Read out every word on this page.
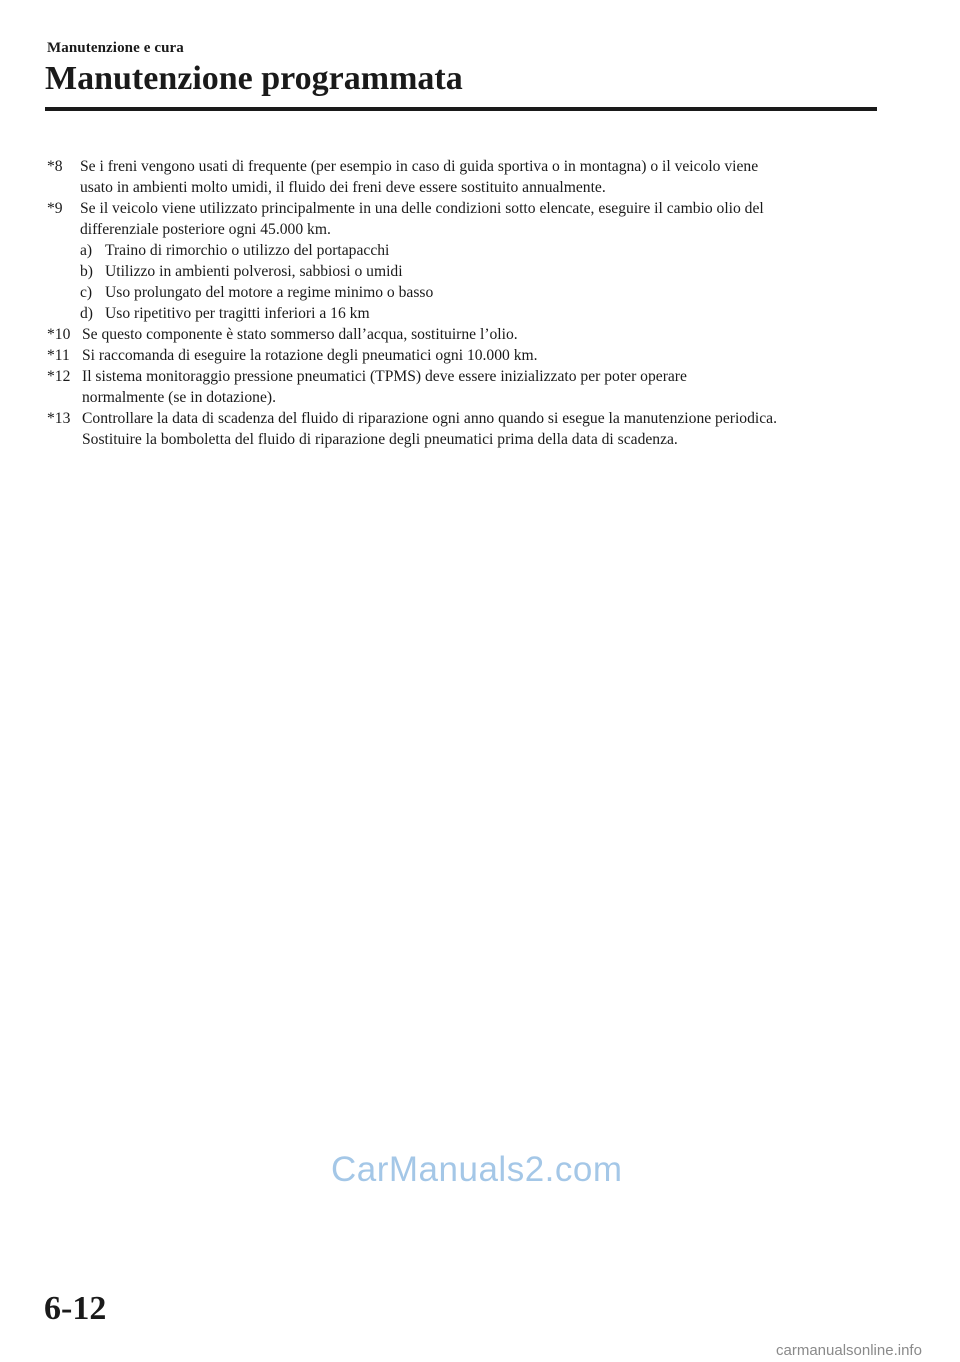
Manutenzione e cura
Manutenzione programmata
*8 Se i freni vengono usati di frequente (per esempio in caso di guida sportiva o in montagna) o il veicolo viene
usato in ambienti molto umidi, il fluido dei freni deve essere sostituito annualmente.
*9 Se il veicolo viene utilizzato principalmente in una delle condizioni sotto elencate, eseguire il cambio olio del
differenziale posteriore ogni 45.000 km.
a) Traino di rimorchio o utilizzo del portapacchi
b) Utilizzo in ambienti polverosi, sabbiosi o umidi
c) Uso prolungato del motore a regime minimo o basso
d) Uso ripetitivo per tragitti inferiori a 16 km
*10 Se questo componente è stato sommerso dall’acqua, sostituirne l’olio.
*11 Si raccomanda di eseguire la rotazione degli pneumatici ogni 10.000 km.
*12 Il sistema monitoraggio pressione pneumatici (TPMS) deve essere inizializzato per poter operare
normalmente (se in dotazione).
*13 Controllare la data di scadenza del fluido di riparazione ogni anno quando si esegue la manutenzione periodica.
Sostituire la bomboletta del fluido di riparazione degli pneumatici prima della data di scadenza.
CarManuals2.com
6-12
carmanualsonline.info
